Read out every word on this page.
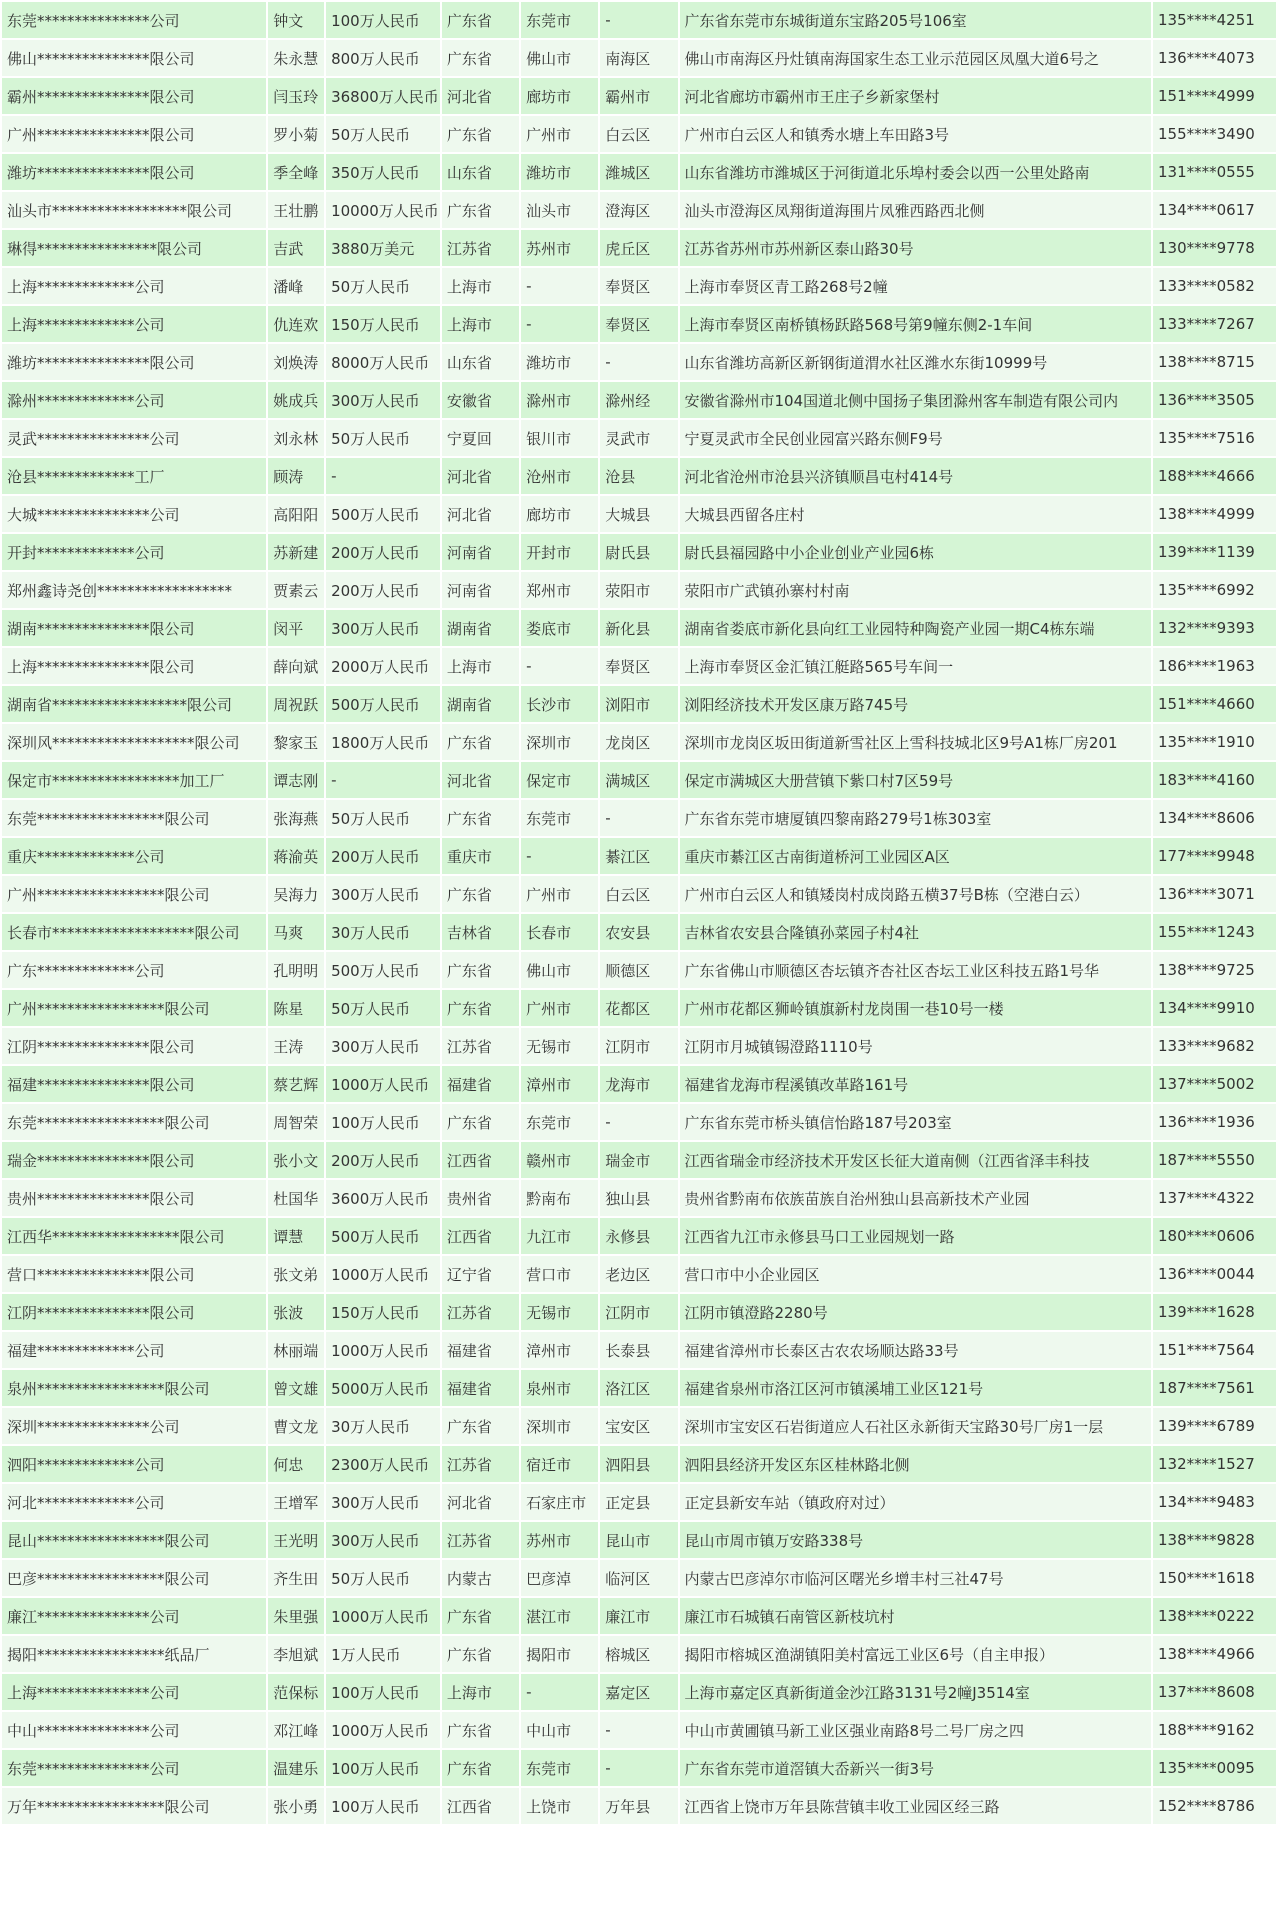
东莞***************公司	钟文	100万人民币	广东省	东莞市	-	广东省东莞市东城街道东宝路205号106室	135****4251
佛山***************限公司	朱永慧	800万人民币	广东省	佛山市	南海区	佛山市南海区丹灶镇南海国家生态工业示范园区凤凰大道6号之	136****4073
霸州***************限公司	闫玉玲	36800万人民币	河北省	廊坊市	霸州市	河北省廊坊市霸州市王庄子乡新家堡村	151****4999
广州***************限公司	罗小菊	50万人民币	广东省	广州市	白云区	广州市白云区人和镇秀水塘上车田路3号	155****3490
潍坊***************限公司	季全峰	350万人民币	山东省	潍坊市	潍城区	山东省潍坊市潍城区于河街道北乐埠村委会以西一公里处路南	131****0555
汕头市******************限公司	王壮鹏	10000万人民币	广东省	汕头市	澄海区	汕头市澄海区凤翔街道海围片凤雅西路西北侧	134****0617
琳得****************限公司	吉武	3880万美元	江苏省	苏州市	虎丘区	江苏省苏州市苏州新区泰山路30号	130****9778
上海*************公司	潘峰	50万人民币	上海市	-	奉贤区	上海市奉贤区青工路268号2幢	133****0582
上海*************公司	仇连欢	150万人民币	上海市	-	奉贤区	上海市奉贤区南桥镇杨跃路568号第9幢东侧2-1车间	133****7267
潍坊***************限公司	刘焕涛	8000万人民币	山东省	潍坊市	-	山东省潍坊高新区新钢街道渭水社区潍水东街10999号	138****8715
滁州*************公司	姚成兵	300万人民币	安徽省	滁州市	滁州经	安徽省滁州市104国道北侧中国扬子集团滁州客车制造有限公司内	136****3505
灵武***************公司	刘永林	50万人民币	宁夏回	银川市	灵武市	宁夏灵武市全民创业园富兴路东侧F9号	135****7516
沧县*************工厂	顾涛	-	河北省	沧州市	沧县	河北省沧州市沧县兴济镇顺昌屯村414号	188****4666
大城***************公司	高阳阳	500万人民币	河北省	廊坊市	大城县	大城县西留各庄村	138****4999
开封*************公司	苏新建	200万人民币	河南省	开封市	尉氏县	尉氏县福园路中小企业创业产业园6栋	139****1139
郑州鑫诗尧创******************	贾素云	200万人民币	河南省	郑州市	荥阳市	荥阳市广武镇孙寨村村南	135****6992
湖南***************限公司	闵平	300万人民币	湖南省	娄底市	新化县	湖南省娄底市新化县向红工业园特种陶瓷产业园一期C4栋东端	132****9393
上海***************限公司	薛向斌	2000万人民币	上海市	-	奉贤区	上海市奉贤区金汇镇江艇路565号车间一	186****1963
湖南省******************限公司	周祝跃	500万人民币	湖南省	长沙市	浏阳市	浏阳经济技术开发区康万路745号	151****4660
深圳风*******************限公司	黎家玉	1800万人民币	广东省	深圳市	龙岗区	深圳市龙岗区坂田街道新雪社区上雪科技城北区9号A1栋厂房201	135****1910
保定市*****************加工厂	谭志刚	-	河北省	保定市	满城区	保定市满城区大册营镇下紫口村7区59号	183****4160
东莞*****************限公司	张海燕	50万人民币	广东省	东莞市	-	广东省东莞市塘厦镇四黎南路279号1栋303室	134****8606
重庆*************公司	蒋渝英	200万人民币	重庆市	-	綦江区	重庆市綦江区古南街道桥河工业园区A区	177****9948
广州*****************限公司	吴海力	300万人民币	广东省	广州市	白云区	广州市白云区人和镇矮岗村成岗路五横37号B栋（空港白云）	136****3071
长春市*******************限公司	马爽	30万人民币	吉林省	长春市	农安县	吉林省农安县合隆镇孙菜园子村4社	155****1243
广东*************公司	孔明明	500万人民币	广东省	佛山市	顺德区	广东省佛山市顺德区杏坛镇齐杏社区杏坛工业区科技五路1号华	138****9725
广州*****************限公司	陈星	50万人民币	广东省	广州市	花都区	广州市花都区狮岭镇旗新村龙岗围一巷10号一楼	134****9910
江阴***************限公司	王涛	300万人民币	江苏省	无锡市	江阴市	江阴市月城镇锡澄路1110号	133****9682
福建***************限公司	蔡艺辉	1000万人民币	福建省	漳州市	龙海市	福建省龙海市程溪镇改革路161号	137****5002
东莞*****************限公司	周智荣	100万人民币	广东省	东莞市	-	广东省东莞市桥头镇信怡路187号203室	136****1936
瑞金***************限公司	张小文	200万人民币	江西省	赣州市	瑞金市	江西省瑞金市经济技术开发区长征大道南侧（江西省泽丰科技	187****5550
贵州***************限公司	杜国华	3600万人民币	贵州省	黔南布	独山县	贵州省黔南布依族苗族自治州独山县高新技术产业园	137****4322
江西华*****************限公司	谭慧	500万人民币	江西省	九江市	永修县	江西省九江市永修县马口工业园规划一路	180****0606
营口***************限公司	张文弟	1000万人民币	辽宁省	营口市	老边区	营口市中小企业园区	136****0044
江阴***************限公司	张波	150万人民币	江苏省	无锡市	江阴市	江阴市镇澄路2280号	139****1628
福建*************公司	林丽端	1000万人民币	福建省	漳州市	长泰县	福建省漳州市长泰区古农农场顺达路33号	151****7564
泉州*****************限公司	曾文雄	5000万人民币	福建省	泉州市	洛江区	福建省泉州市洛江区河市镇溪埔工业区121号	187****7561
深圳***************公司	曹文龙	30万人民币	广东省	深圳市	宝安区	深圳市宝安区石岩街道应人石社区永新街天宝路30号厂房1一层	139****6789
泗阳*************公司	何忠	2300万人民币	江苏省	宿迁市	泗阳县	泗阳县经济开发区东区桂林路北侧	132****1527
河北*************公司	王增军	300万人民币	河北省	石家庄市	正定县	正定县新安车站（镇政府对过）	134****9483
昆山*****************限公司	王光明	300万人民币	江苏省	苏州市	昆山市	昆山市周市镇万安路338号	138****9828
巴彦*****************限公司	齐生田	50万人民币	内蒙古	巴彦淖	临河区	内蒙古巴彦淖尔市临河区曙光乡增丰村三社47号	150****1618
廉江***************公司	朱里强	1000万人民币	广东省	湛江市	廉江市	廉江市石城镇石南管区新枝坑村	138****0222
揭阳*****************纸品厂	李旭斌	1万人民币	广东省	揭阳市	榕城区	揭阳市榕城区渔湖镇阳美村富远工业区6号（自主申报）	138****4966
上海***************公司	范保标	100万人民币	上海市	-	嘉定区	上海市嘉定区真新街道金沙江路3131号2幢J3514室	137****8608
中山***************公司	邓江峰	1000万人民币	广东省	中山市	-	中山市黄圃镇马新工业区强业南路8号二号厂房之四	188****9162
东莞***************公司	温建乐	100万人民币	广东省	东莞市	-	广东省东莞市道滘镇大岙新兴一街3号	135****0095
万年*****************限公司	张小勇	100万人民币	江西省	上饶市	万年县	江西省上饶市万年县陈营镇丰收工业园区经三路	152****8786
